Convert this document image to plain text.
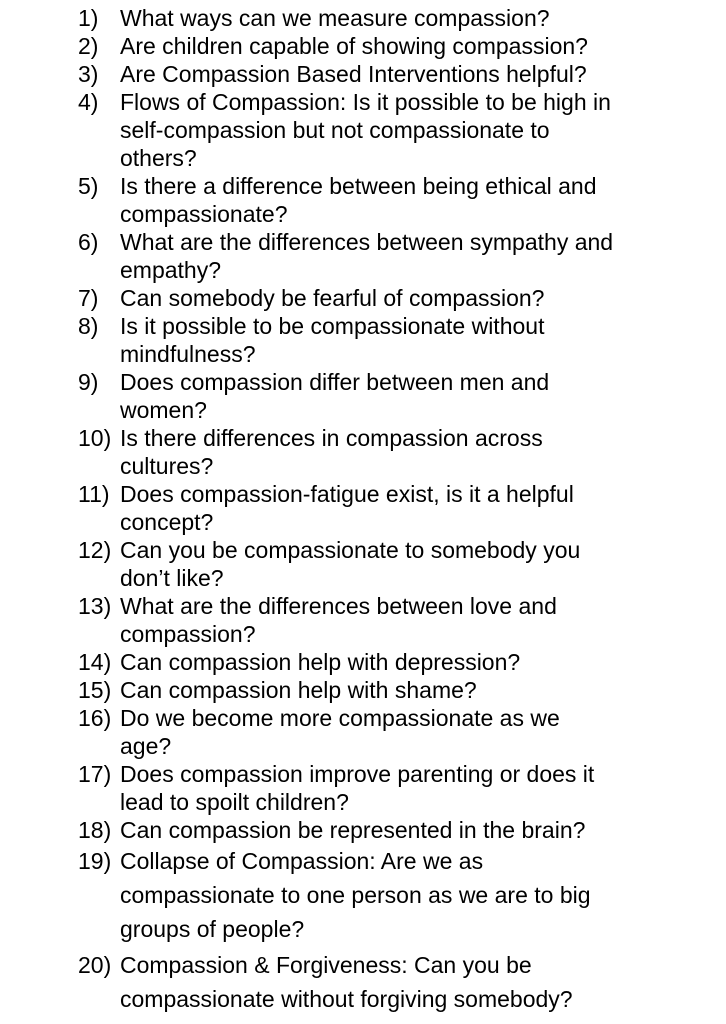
1) What ways can we measure compassion?
2) Are children capable of showing compassion?
3) Are Compassion Based Interventions helpful?
4) Flows of Compassion: Is it possible to be high in
self-compassion but not compassionate to
others?
5) Is there a difference between being ethical and
compassionate?
6) What are the differences between sympathy and
empathy?
7) Can somebody be fearful of compassion?
8) Is it possible to be compassionate without
mindfulness?
9) Does compassion differ between men and
women?
10) Is there differences in compassion across
cultures?
11) Does compassion-fatigue exist, is it a helpful
concept?
12) Can you be compassionate to somebody you
don’t like?
13) What are the differences between love and
compassion?
14) Can compassion help with depression?
15) Can compassion help with shame?
16) Do we become more compassionate as we
age?
17) Does compassion improve parenting or does it
lead to spoilt children?
18) Can compassion be represented in the brain?
19) Collapse of Compassion: Are we as
compassionate to one person as we are to big
groups of people?
20) Compassion & Forgiveness: Can you be
compassionate without forgiving somebody?
